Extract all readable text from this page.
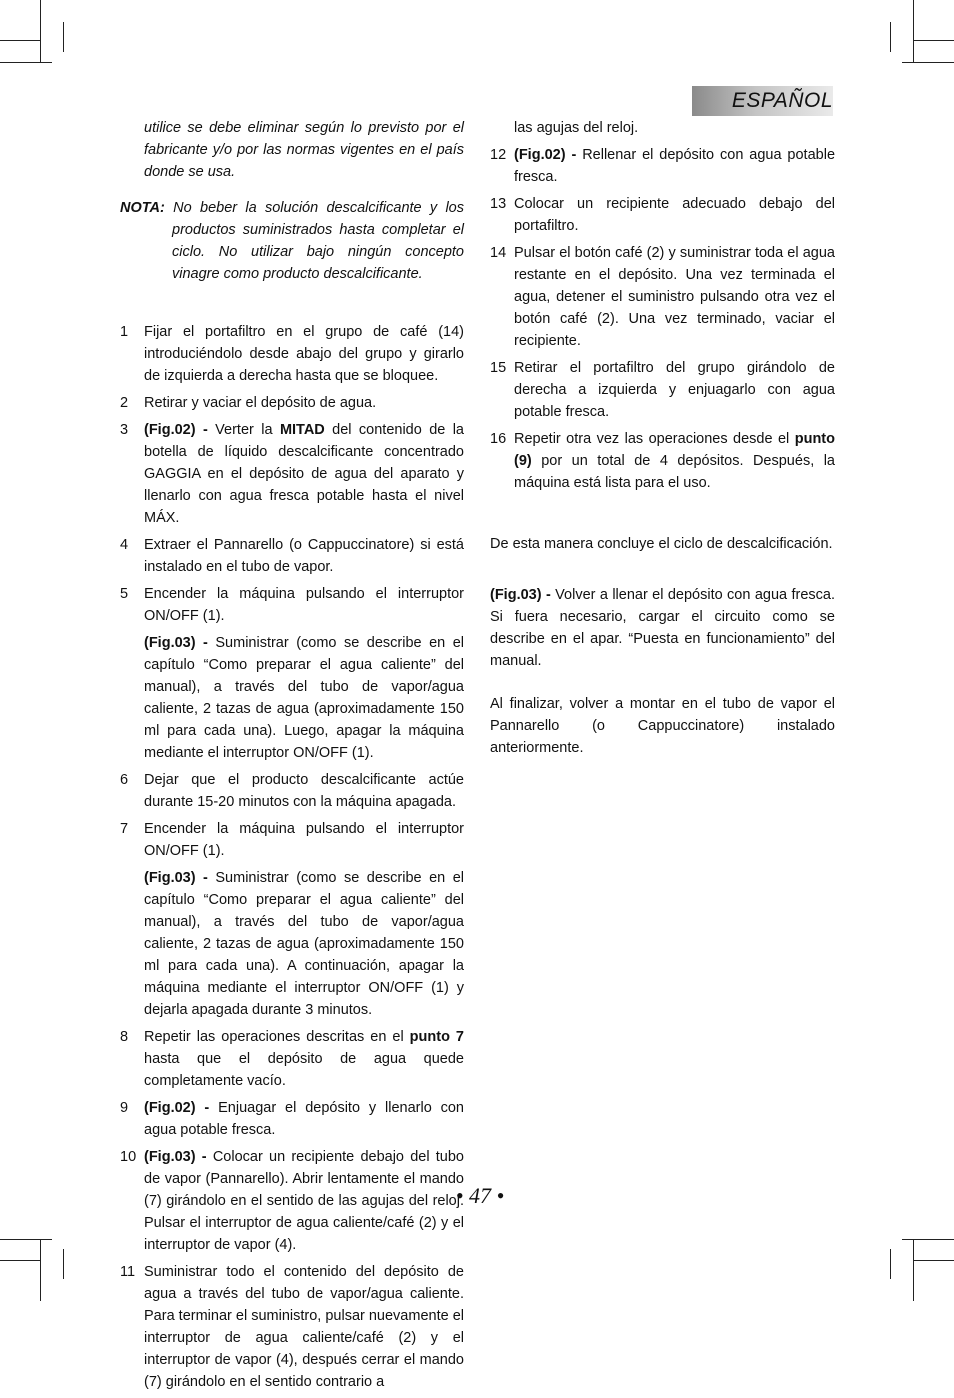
ESPAÑOL
utilice se debe eliminar según lo previsto por el fabricante y/o por las normas vigentes en el país donde se usa.
NOTA: No beber la solución descalcificante y los productos suministrados hasta completar el ciclo. No utilizar bajo ningún concepto vinagre como producto descalcificante.
1 Fijar el portafiltro en el grupo de café (14) introduciéndolo desde abajo del grupo y girarlo de izquierda a derecha hasta que se bloquee.
2 Retirar y vaciar el depósito de agua.
3 (Fig.02) - Verter la MITAD del contenido de la botella de líquido descalcificante concentrado GAGGIA en el depósito de agua del aparato y llenarlo con agua fresca potable hasta el nivel MÁX.
4 Extraer el Pannarello (o Cappuccinatore) si está instalado en el tubo de vapor.
5 Encender la máquina pulsando el interruptor ON/OFF (1).
(Fig.03) - Suministrar (como se describe en el capítulo “Como preparar el agua caliente” del manual), a través del tubo de vapor/agua caliente, 2 tazas de agua (aproximadamente 150 ml para cada una). Luego, apagar la máquina mediante el interruptor ON/OFF (1).
6 Dejar que el producto descalcificante actúe durante 15-20 minutos con la máquina apagada.
7 Encender la máquina pulsando el interruptor ON/OFF (1).
(Fig.03) - Suministrar (como se describe en el capítulo “Como preparar el agua caliente” del manual), a través del tubo de vapor/agua caliente, 2 tazas de agua (aproximadamente 150 ml para cada una). A continuación, apagar la máquina mediante el interruptor ON/OFF (1) y dejarla apagada durante 3 minutos.
8 Repetir las operaciones descritas en el punto 7 hasta que el depósito de agua quede completamente vacío.
9 (Fig.02) - Enjuagar el depósito y llenarlo con agua potable fresca.
10 (Fig.03) - Colocar un recipiente debajo del tubo de vapor (Pannarello). Abrir lentamente el mando (7) girándolo en el sentido de las agujas del reloj. Pulsar el interruptor de agua caliente/café (2) y el interruptor de vapor (4).
11 Suministrar todo el contenido del depósito de agua a través del tubo de vapor/agua caliente. Para terminar el suministro, pulsar nuevamente el interruptor de agua caliente/café (2) y el interruptor de vapor (4), después cerrar el mando (7) girándolo en el sentido contrario a
las agujas del reloj.
12 (Fig.02) - Rellenar el depósito con agua potable fresca.
13 Colocar un recipiente adecuado debajo del portafiltro.
14 Pulsar el botón café (2) y suministrar toda el agua restante en el depósito. Una vez terminada el agua, detener el suministro pulsando otra vez el botón café (2). Una vez terminado, vaciar el recipiente.
15 Retirar el portafiltro del grupo girándolo de derecha a izquierda y enjuagarlo con agua potable fresca.
16 Repetir otra vez las operaciones desde el punto (9) por un total de 4 depósitos. Después, la máquina está lista para el uso.
De esta manera concluye el ciclo de descalcificación.
(Fig.03) - Volver a llenar el depósito con agua fresca. Si fuera necesario, cargar el circuito como se describe en el apar. “Puesta en funcionamiento” del manual.
Al finalizar, volver a montar en el tubo de vapor el Pannarello (o Cappuccinatore) instalado anteriormente.
• 47 •
